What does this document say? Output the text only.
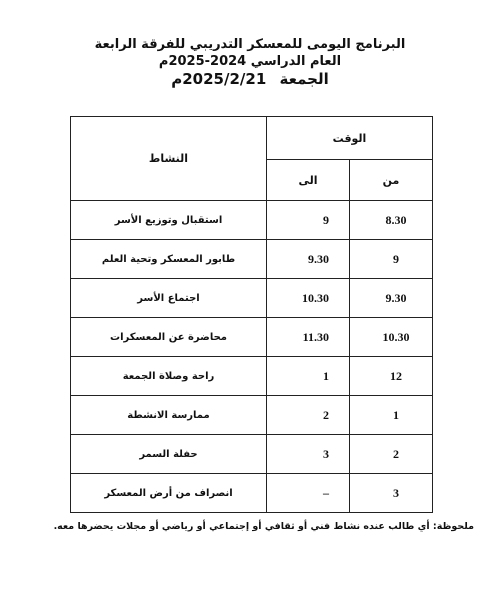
البرنامج اليومى للمعسكر التدريبي للفرقة الرابعة

العام الدراسي 2024-2025م

الجمعة 2025/2/21م

الوقت		النشاط
من	الى	
8.30	9	استقبال وتوزيع الأسر
9	9.30	طابور المعسكر وتحية العلم
9.30	10.30	اجتماع الأسر
10.30	11.30	محاضرة عن المعسكرات
12	1	راحة وصلاة الجمعة
1	2	ممارسة الانشطة
2	3	حفلة السمر
3	–	انصراف من أرض المعسكر
ملحوظة: أي طالب عنده نشاط فني أو ثقافي أو إجتماعي أو رياضي أو مجلات يحضرها معه.
